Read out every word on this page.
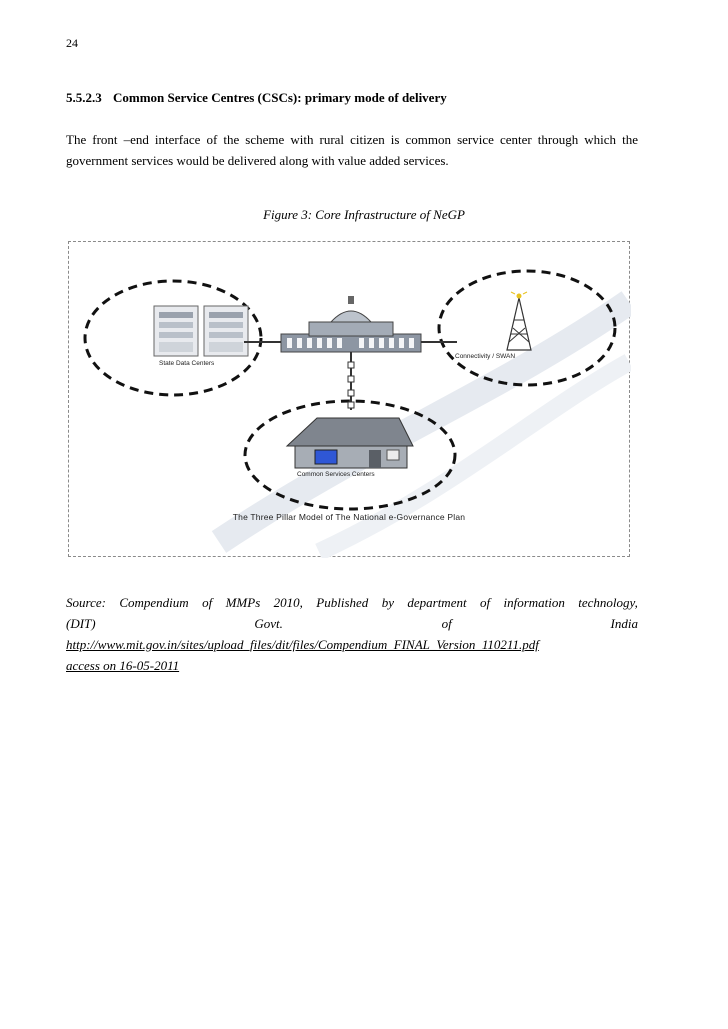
24
5.5.2.3 Common Service Centres (CSCs): primary mode of delivery
The front –end interface of the scheme with rural citizen is common service center through which the government services would be delivered along with value added services.
Figure 3: Core Infrastructure of NeGP
State Data Centers
Connectivity / SWAN
Common Services Centers
The Three Pillar Model of The National e-Governance Plan
Source: Compendium of MMPs 2010, Published by department of information technology,
(DIT)	Govt.	of	India
http://www.mit.gov.in/sites/upload_files/dit/files/Compendium_FINAL_Version_110211.pdf
access on 16-05-2011
